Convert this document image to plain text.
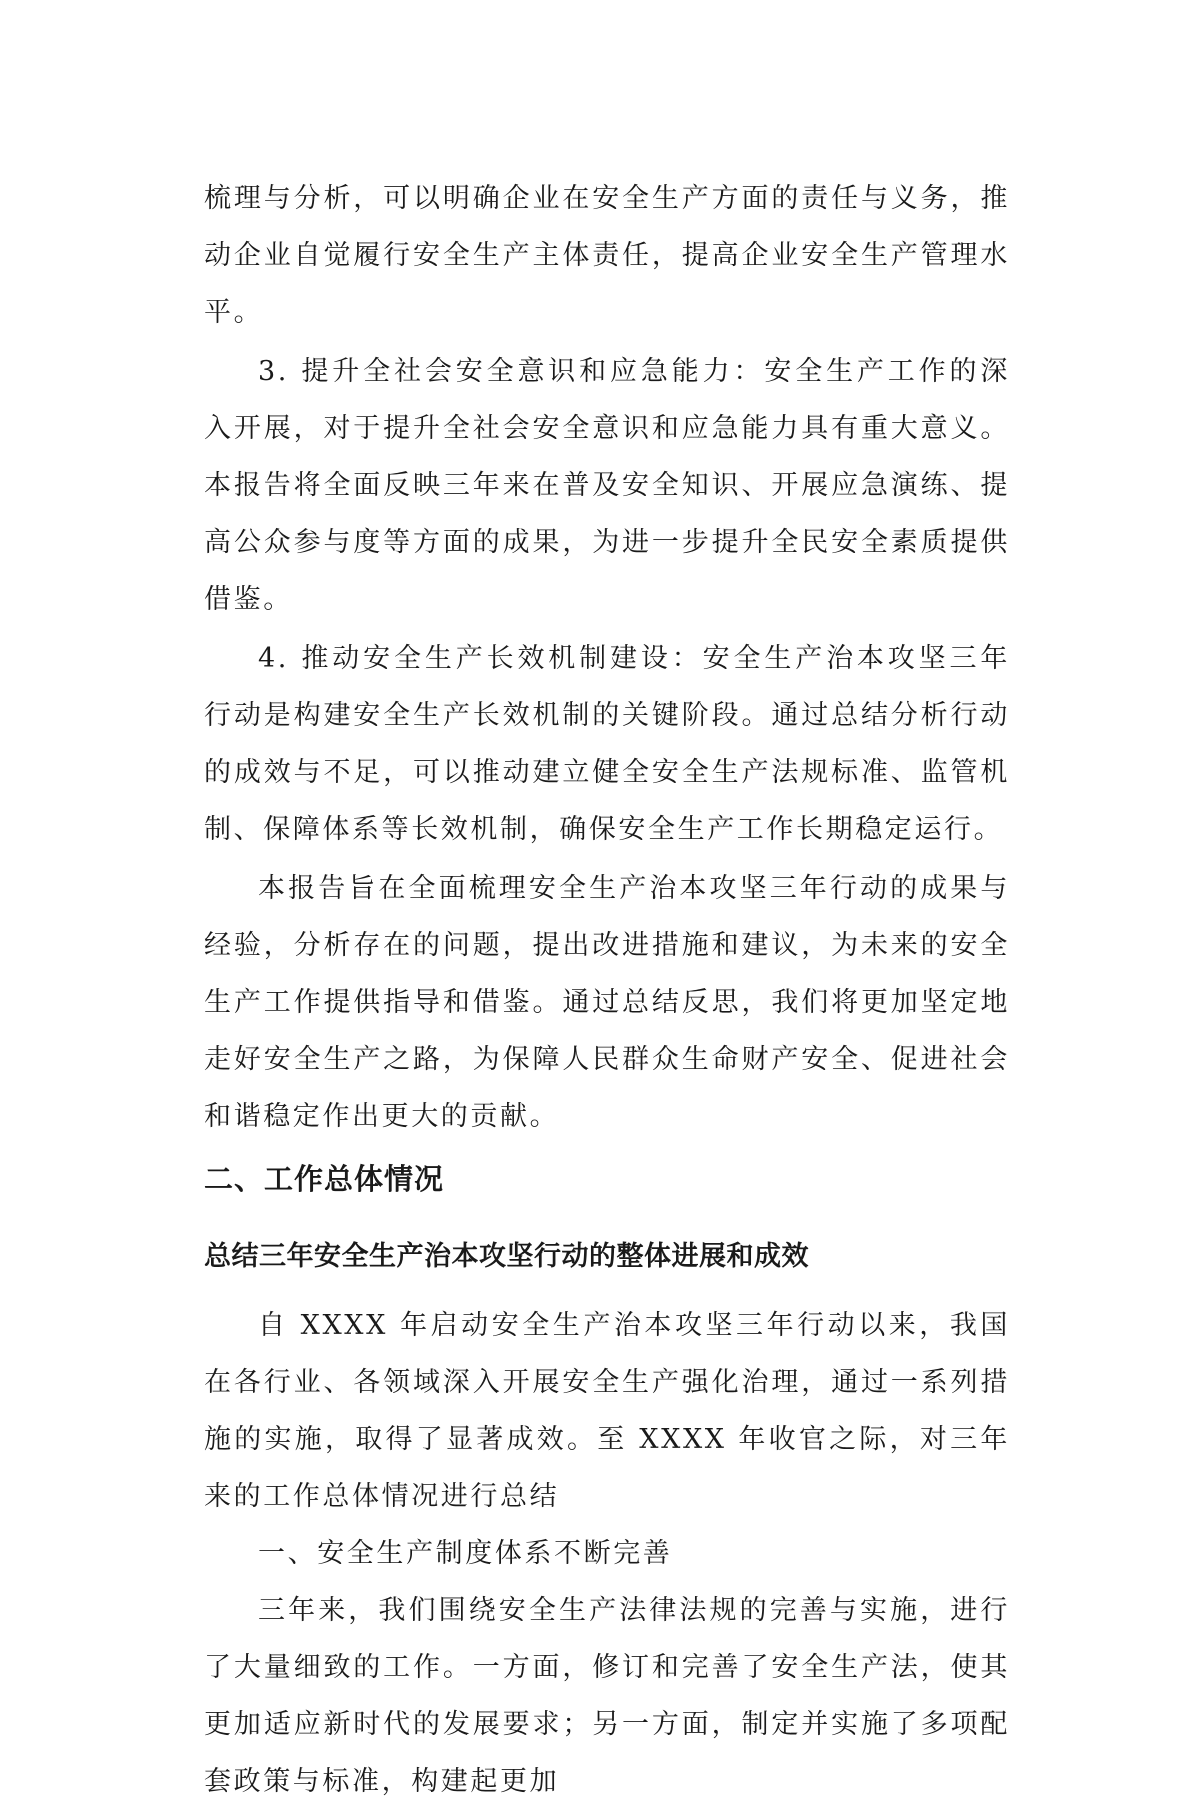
梳理与分析，可以明确企业在安全生产方面的责任与义务，推动企业自觉履行安全生产主体责任，提高企业安全生产管理水平。

3. 提升全社会安全意识和应急能力：安全生产工作的深入开展，对于提升全社会安全意识和应急能力具有重大意义。本报告将全面反映三年来在普及安全知识、开展应急演练、提高公众参与度等方面的成果，为进一步提升全民安全素质提供借鉴。

4. 推动安全生产长效机制建设：安全生产治本攻坚三年行动是构建安全生产长效机制的关键阶段。通过总结分析行动的成效与不足，可以推动建立健全安全生产法规标准、监管机制、保障体系等长效机制，确保安全生产工作长期稳定运行。

本报告旨在全面梳理安全生产治本攻坚三年行动的成果与经验，分析存在的问题，提出改进措施和建议，为未来的安全生产工作提供指导和借鉴。通过总结反思，我们将更加坚定地走好安全生产之路，为保障人民群众生命财产安全、促进社会和谐稳定作出更大的贡献。

二、工作总体情况
总结三年安全生产治本攻坚行动的整体进展和成效

自 XXXX 年启动安全生产治本攻坚三年行动以来，我国在各行业、各领域深入开展安全生产强化治理，通过一系列措施的实施，取得了显著成效。至 XXXX 年收官之际，对三年来的工作总体情况进行总结

一、安全生产制度体系不断完善

三年来，我们围绕安全生产法律法规的完善与实施，进行了大量细致的工作。一方面，修订和完善了安全生产法，使其更加适应新时代的发展要求；另一方面，制定并实施了多项配套政策与标准，构建起更加
